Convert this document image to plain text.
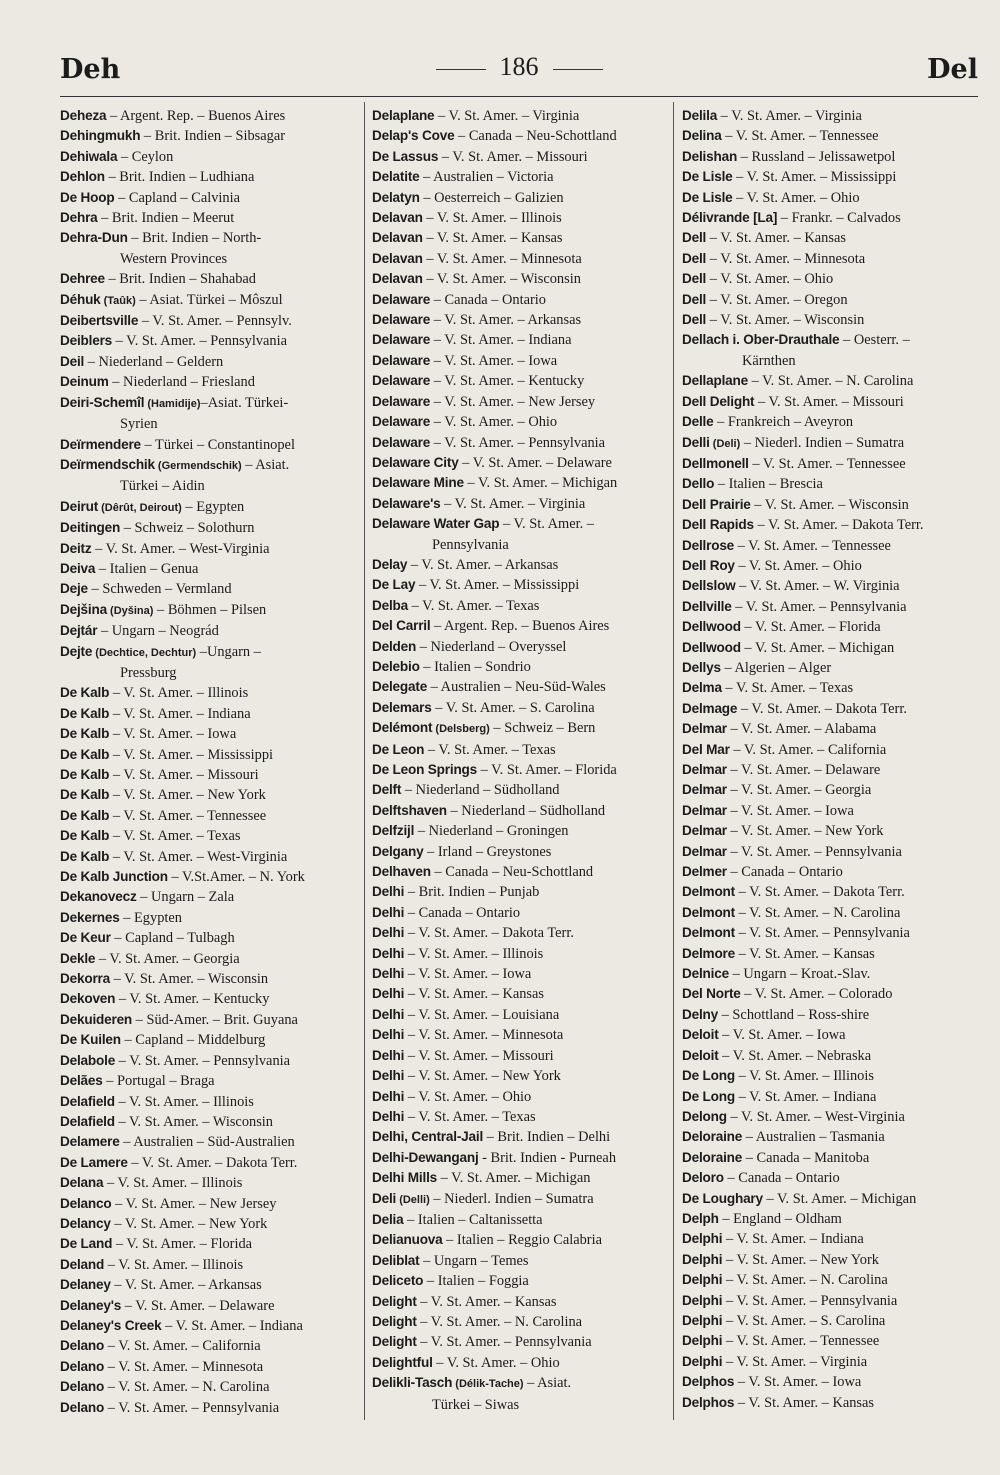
Deh	186	Del
Deheza – Argent. Rep. – Buenos Aires
Dehingmukh – Brit. Indien – Sibsagar
Dehiwala – Ceylon
Dehlon – Brit. Indien – Ludhiana
De Hoop – Capland – Calvinia
Dehra – Brit. Indien – Meerut
Dehra-Dun – Brit. Indien – North-
Western Provinces
Dehree – Brit. Indien – Shahabad
Déhuk (Taûk) – Asiat. Türkei – Môszul
Deibertsville – V. St. Amer. – Pennsylv.
Deiblers – V. St. Amer. – Pennsylvania
Deil – Niederland – Geldern
Deinum – Niederland – Friesland
Deiri-Schemîl (Hamidije)–Asiat. Türkei-
Syrien
Deïrmendere – Türkei – Constantinopel
Deïrmendschik (Germendschik) – Asiat.
Türkei – Aidin
Deirut (Dêrût, Deirout) – Egypten
Deitingen – Schweiz – Solothurn
Deitz – V. St. Amer. – West-Virginia
Deiva – Italien – Genua
Deje – Schweden – Vermland
Dejšina (Dyšina) – Böhmen – Pilsen
Dejtár – Ungarn – Neográd
Dejte (Dechtice, Dechtur) –Ungarn –
Pressburg
De Kalb – V. St. Amer. – Illinois
De Kalb – V. St. Amer. – Indiana
De Kalb – V. St. Amer. – Iowa
De Kalb – V. St. Amer. – Mississippi
De Kalb – V. St. Amer. – Missouri
De Kalb – V. St. Amer. – New York
De Kalb – V. St. Amer. – Tennessee
De Kalb – V. St. Amer. – Texas
De Kalb – V. St. Amer. – West-Virginia
De Kalb Junction – V.St.Amer. – N. York
Dekanovecz – Ungarn – Zala
Dekernes – Egypten
De Keur – Capland – Tulbagh
Dekle – V. St. Amer. – Georgia
Dekorra – V. St. Amer. – Wisconsin
Dekoven – V. St. Amer. – Kentucky
Dekuideren – Süd-Amer. – Brit. Guyana
De Kuilen – Capland – Middelburg
Delabole – V. St. Amer. – Pennsylvania
Delães – Portugal – Braga
Delafield – V. St. Amer. – Illinois
Delafield – V. St. Amer. – Wisconsin
Delamere – Australien – Süd-Australien
De Lamere – V. St. Amer. – Dakota Terr.
Delana – V. St. Amer. – Illinois
Delanco – V. St. Amer. – New Jersey
Delancy – V. St. Amer. – New York
De Land – V. St. Amer. – Florida
Deland – V. St. Amer. – Illinois
Delaney – V. St. Amer. – Arkansas
Delaney's – V. St. Amer. – Delaware
Delaney's Creek – V. St. Amer. – Indiana
Delano – V. St. Amer. – California
Delano – V. St. Amer. – Minnesota
Delano – V. St. Amer. – N. Carolina
Delano – V. St. Amer. – Pennsylvania
Delaplane – V. St. Amer. – Virginia
Delap's Cove – Canada – Neu-Schottland
De Lassus – V. St. Amer. – Missouri
Delatite – Australien – Victoria
Delatyn – Oesterreich – Galizien
Delavan – V. St. Amer. – Illinois
Delavan – V. St. Amer. – Kansas
Delavan – V. St. Amer. – Minnesota
Delavan – V. St. Amer. – Wisconsin
Delaware – Canada – Ontario
Delaware – V. St. Amer. – Arkansas
Delaware – V. St. Amer. – Indiana
Delaware – V. St. Amer. – Iowa
Delaware – V. St. Amer. – Kentucky
Delaware – V. St. Amer. – New Jersey
Delaware – V. St. Amer. – Ohio
Delaware – V. St. Amer. – Pennsylvania
Delaware City – V. St. Amer. – Delaware
Delaware Mine – V. St. Amer. – Michigan
Delaware's – V. St. Amer. – Virginia
Delaware Water Gap – V. St. Amer. –
Pennsylvania
Delay – V. St. Amer. – Arkansas
De Lay – V. St. Amer. – Mississippi
Delba – V. St. Amer. – Texas
Del Carril – Argent. Rep. – Buenos Aires
Delden – Niederland – Overyssel
Delebio – Italien – Sondrio
Delegate – Australien – Neu-Süd-Wales
Delemars – V. St. Amer. – S. Carolina
Delémont (Delsberg) – Schweiz – Bern
De Leon – V. St. Amer. – Texas
De Leon Springs – V. St. Amer. – Florida
Delft – Niederland – Südholland
Delftshaven – Niederland – Südholland
Delfzijl – Niederland – Groningen
Delgany – Irland – Greystones
Delhaven – Canada – Neu-Schottland
Delhi – Brit. Indien – Punjab
Delhi – Canada – Ontario
Delhi – V. St. Amer. – Dakota Terr.
Delhi – V. St. Amer. – Illinois
Delhi – V. St. Amer. – Iowa
Delhi – V. St. Amer. – Kansas
Delhi – V. St. Amer. – Louisiana
Delhi – V. St. Amer. – Minnesota
Delhi – V. St. Amer. – Missouri
Delhi – V. St. Amer. – New York
Delhi – V. St. Amer. – Ohio
Delhi – V. St. Amer. – Texas
Delhi, Central-Jail – Brit. Indien – Delhi
Delhi-Dewanganj - Brit. Indien - Purneah
Delhi Mills – V. St. Amer. – Michigan
Deli (Delli) – Niederl. Indien – Sumatra
Delia – Italien – Caltanissetta
Delianuova – Italien – Reggio Calabria
Deliblat – Ungarn – Temes
Deliceto – Italien – Foggia
Delight – V. St. Amer. – Kansas
Delight – V. St. Amer. – N. Carolina
Delight – V. St. Amer. – Pennsylvania
Delightful – V. St. Amer. – Ohio
Delikli-Tasch (Délik-Tache) – Asiat.
Türkei – Siwas
Delila – V. St. Amer. – Virginia
Delina – V. St. Amer. – Tennessee
Delishan – Russland – Jelissawetpol
De Lisle – V. St. Amer. – Mississippi
De Lisle – V. St. Amer. – Ohio
Délivrande [La] – Frankr. – Calvados
Dell – V. St. Amer. – Kansas
Dell – V. St. Amer. – Minnesota
Dell – V. St. Amer. – Ohio
Dell – V. St. Amer. – Oregon
Dell – V. St. Amer. – Wisconsin
Dellach i. Ober-Drauthale – Oesterr. –
Kärnthen
Dellaplane – V. St. Amer. – N. Carolina
Dell Delight – V. St. Amer. – Missouri
Delle – Frankreich – Aveyron
Delli (Deli) – Niederl. Indien – Sumatra
Dellmonell – V. St. Amer. – Tennessee
Dello – Italien – Brescia
Dell Prairie – V. St. Amer. – Wisconsin
Dell Rapids – V. St. Amer. – Dakota Terr.
Dellrose – V. St. Amer. – Tennessee
Dell Roy – V. St. Amer. – Ohio
Dellslow – V. St. Amer. – W. Virginia
Dellville – V. St. Amer. – Pennsylvania
Dellwood – V. St. Amer. – Florida
Dellwood – V. St. Amer. – Michigan
Dellys – Algerien – Alger
Delma – V. St. Amer. – Texas
Delmage – V. St. Amer. – Dakota Terr.
Delmar – V. St. Amer. – Alabama
Del Mar – V. St. Amer. – California
Delmar – V. St. Amer. – Delaware
Delmar – V. St. Amer. – Georgia
Delmar – V. St. Amer. – Iowa
Delmar – V. St. Amer. – New York
Delmar – V. St. Amer. – Pennsylvania
Delmer – Canada – Ontario
Delmont – V. St. Amer. – Dakota Terr.
Delmont – V. St. Amer. – N. Carolina
Delmont – V. St. Amer. – Pennsylvania
Delmore – V. St. Amer. – Kansas
Delnice – Ungarn – Kroat.-Slav.
Del Norte – V. St. Amer. – Colorado
Delny – Schottland – Ross-shire
Deloit – V. St. Amer. – Iowa
Deloit – V. St. Amer. – Nebraska
De Long – V. St. Amer. – Illinois
De Long – V. St. Amer. – Indiana
Delong – V. St. Amer. – West-Virginia
Deloraine – Australien – Tasmania
Deloraine – Canada – Manitoba
Deloro – Canada – Ontario
De Loughary – V. St. Amer. – Michigan
Delph – England – Oldham
Delphi – V. St. Amer. – Indiana
Delphi – V. St. Amer. – New York
Delphi – V. St. Amer. – N. Carolina
Delphi – V. St. Amer. – Pennsylvania
Delphi – V. St. Amer. – S. Carolina
Delphi – V. St. Amer. – Tennessee
Delphi – V. St. Amer. – Virginia
Delphos – V. St. Amer. – Iowa
Delphos – V. St. Amer. – Kansas
